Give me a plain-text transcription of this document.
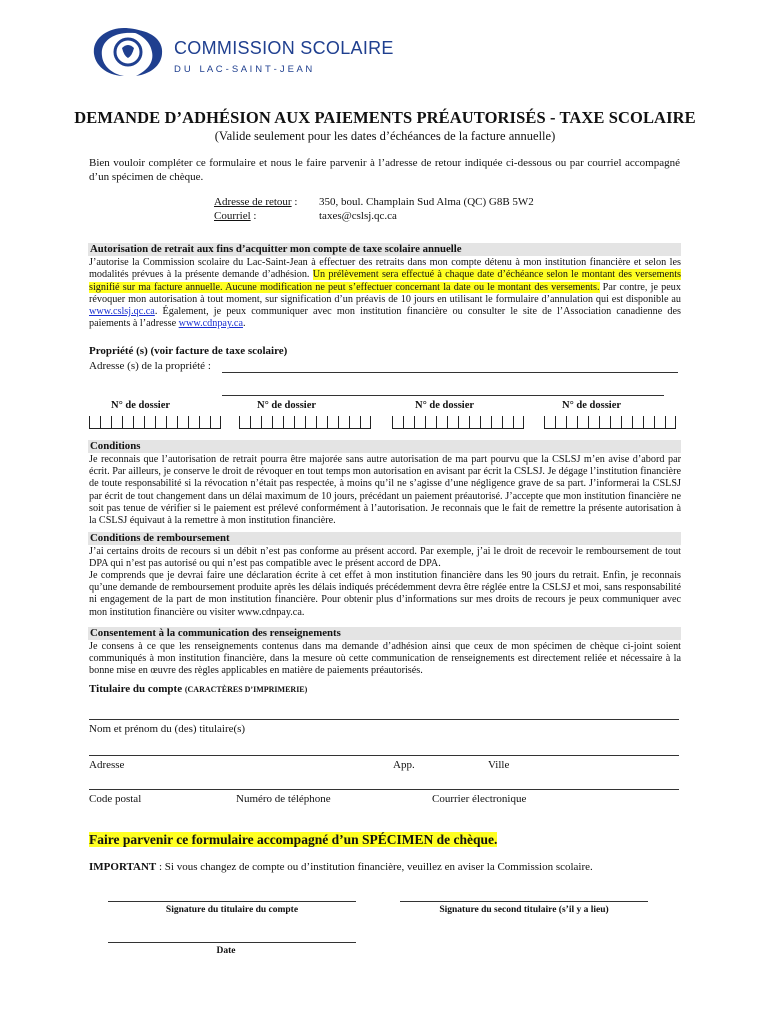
COMMISSION SCOLAIRE
D U   L A C - S A I N T - J E A N
DEMANDE D’ADHÉSION AUX PAIEMENTS PRÉAUTORISÉS - TAXE SCOLAIRE
(Valide seulement pour les dates d’échéances de la facture annuelle)
Bien vouloir compléter ce formulaire et nous le faire parvenir à l’adresse de retour indiquée ci-dessous ou par courriel accompagné d’un spécimen de chèque.
Adresse de retour :	350, boul. Champlain Sud Alma (QC) G8B 5W2
Courriel :	taxes@cslsj.qc.ca
Autorisation de retrait aux fins d’acquitter mon compte de taxe scolaire annuelle
J’autorise la Commission scolaire du Lac-Saint-Jean à effectuer des retraits dans mon compte détenu à mon institution financière et selon les modalités prévues à la présente demande d’adhésion. Un prélèvement sera effectué à chaque date d’échéance selon le montant des versements signifié sur ma facture annuelle. Aucune modification ne peut s’effectuer concernant la date ou le montant des versements. Par contre, je peux révoquer mon autorisation à tout moment, sur signification d’un préavis de 10 jours en utilisant le formulaire d’annulation qui est disponible au www.cslsj.qc.ca. Également, je peux communiquer avec mon institution financière ou consulter le site de l’Association canadienne des paiements à l’adresse www.cdnpay.ca.
Propriété (s) (voir facture de taxe scolaire)
Adresse (s) de la propriété :
N° de dossier	N° de dossier	N° de dossier	N° de dossier
Conditions
Je reconnais que l’autorisation de retrait pourra être majorée sans autre autorisation de ma part pourvu que la CSLSJ m’en avise d’abord par écrit. Par ailleurs, je conserve le droit de révoquer en tout temps mon autorisation en avisant par écrit la CSLSJ. Je dégage l’institution financière de toute responsabilité si la révocation n’était pas respectée, à moins qu’il ne s’agisse d’une négligence grave de sa part. J’informerai la CSLSJ par écrit de tout changement dans un délai maximum de 10 jours, précédant un paiement préautorisé. J’accepte que mon institution financière ne soit pas tenue de vérifier si le paiement est prélevé conformément à l’autorisation. Je reconnais que le fait de remettre la présente autorisation à la CSLSJ équivaut à la remettre à mon institution financière.
Conditions de remboursement
J’ai certains droits de recours si un débit n’est pas conforme au présent accord. Par exemple, j’ai le droit de recevoir le remboursement de tout DPA qui n’est pas autorisé ou qui n’est pas compatible avec le présent accord de DPA.
Je comprends que je devrai faire une déclaration écrite à cet effet à mon institution financière dans les 90 jours du retrait. Enfin, je reconnais qu’une demande de remboursement produite après les délais indiqués précédemment devra être réglée entre la CSLSJ et moi, sans responsabilité ni engagement de la part de mon institution financière. Pour obtenir plus d’informations sur mes droits de recours je peux communiquer avec mon institution financière ou visiter www.cdnpay.ca.
Consentement à la communication des renseignements
Je consens à ce que les renseignements contenus dans ma demande d’adhésion ainsi que ceux de mon spécimen de chèque ci-joint soient communiqués à mon institution financière, dans la mesure où cette communication de renseignements est directement reliée et nécessaire à la bonne mise en œuvre des règles applicables en matière de paiements préautorisés.
Titulaire du compte (CARACTÈRES D’IMPRIMERIE)
Nom et prénom du (des) titulaire(s)
Adresse	App.	Ville
Code postal	Numéro de téléphone	Courrier électronique
Faire parvenir ce formulaire accompagné d’un SPÉCIMEN de chèque.
IMPORTANT : Si vous changez de compte ou d’institution financière, veuillez en aviser la Commission scolaire.
Signature du titulaire du compte	Signature du second titulaire (s’il y a lieu)
Date
